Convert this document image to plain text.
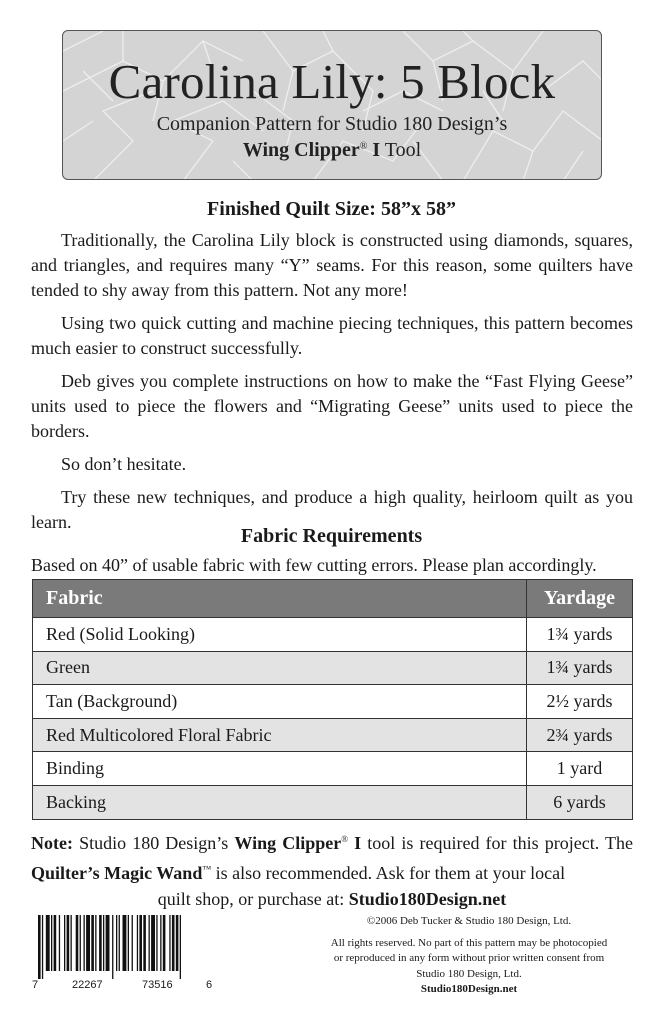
Carolina Lily: 5 Block
Companion Pattern for Studio 180 Design’s
Wing Clipper® I Tool
Finished Quilt Size: 58”x 58”

Traditionally, the Carolina Lily block is constructed using diamonds, squares, and triangles, and requires many “Y” seams. For this reason, some quilters have tended to shy away from this pattern. Not any more!

Using two quick cutting and machine piecing techniques, this pattern becomes much easier to construct successfully.

Deb gives you complete instructions on how to make the “Fast Flying Geese” units used to piece the flowers and “Migrating Geese” units used to piece the borders.

So don’t hesitate.

Try these new techniques, and produce a high quality, heirloom quilt as you learn.

Fabric Requirements
Based on 40” of usable fabric with few cutting errors. Please plan accordingly.
Fabric	Yardage
Red (Solid Looking)	1¾ yards
Green	1¾ yards
Tan (Background)	2½ yards
Red Multicolored Floral Fabric	2¾ yards
Binding	1 yard
Backing	6 yards
Note: Studio 180 Design’s Wing Clipper® I tool is required for this project. The Quilter’s Magic Wand™ is also recommended. Ask for them at your local
quilt shop, or purchase at: Studio180Design.net
7	22267	73516	6
©2006 Deb Tucker & Studio 180 Design, Ltd.
All rights reserved. No part of this pattern may be photocopied
or reproduced in any form without prior written consent from
Studio 180 Design, Ltd.
Studio180Design.net
